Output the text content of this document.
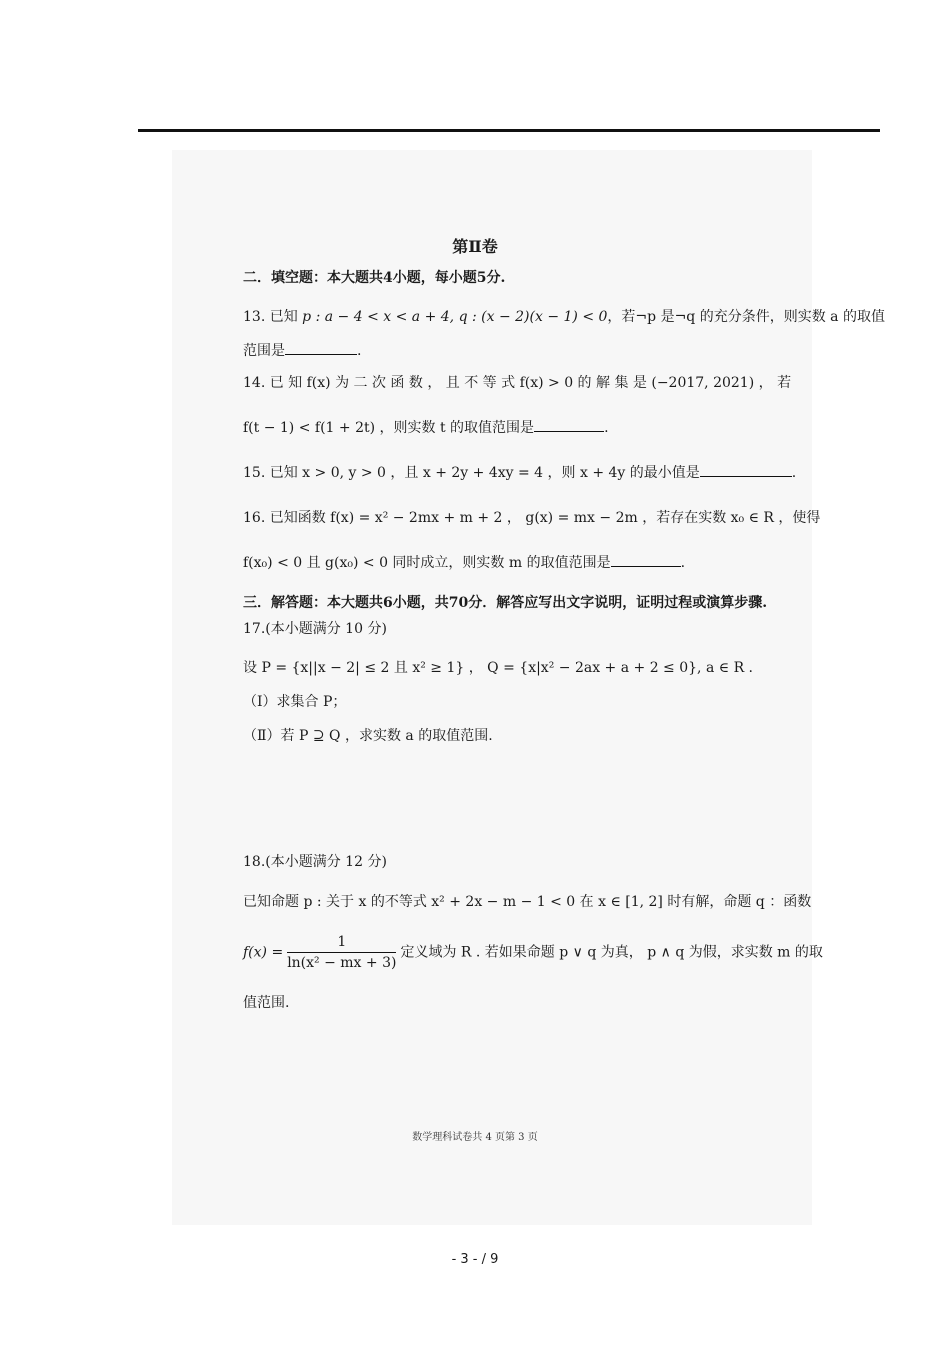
第Ⅱ卷
二．填空题：本大题共4小题，每小题5分.
13. 已知 p : a − 4 < x < a + 4, q : (x − 2)(x − 1) < 0，若¬p 是¬q 的充分条件，则实数 a 的取值
范围是	.
14. 已 知 f(x) 为 二 次 函 数 ， 且 不 等 式 f(x) > 0 的 解 集 是 (−2017, 2021) ， 若
f(t − 1) < f(1 + 2t) ，则实数 t 的取值范围是	.
15. 已知 x > 0, y > 0 ，且 x + 2y + 4xy = 4 ，则 x + 4y 的最小值是	.
16. 已知函数 f(x) = x² − 2mx + m + 2 ， g(x) = mx − 2m ，若存在实数 x₀ ∈ R ，使得
f(x₀) < 0 且 g(x₀) < 0 同时成立，则实数 m 的取值范围是	.
三．解答题：本大题共6小题，共70分．解答应写出文字说明，证明过程或演算步骤.
17.(本小题满分 10 分)
设 P = {x||x − 2| ≤ 2 且 x² ≥ 1} ， Q = {x|x² − 2ax + a + 2 ≤ 0}, a ∈ R .
（Ⅰ）求集合 P；
（Ⅱ）若 P ⊇ Q ，求实数 a 的取值范围.
18.(本小题满分 12 分)
已知命题 p : 关于 x 的不等式 x² + 2x − m − 1 < 0 在 x ∈ [1, 2] 时有解，命题 q ：函数
$f(x) = \frac{1}{\text{ln(x² − mx + 3)}}$ 定义域为 R . 若如果命题 p ∨ q 为真， p ∧ q 为假，求实数 m 的取
值范围.
数学理科试卷共 4 页第 3 页
- 3 - / 9
